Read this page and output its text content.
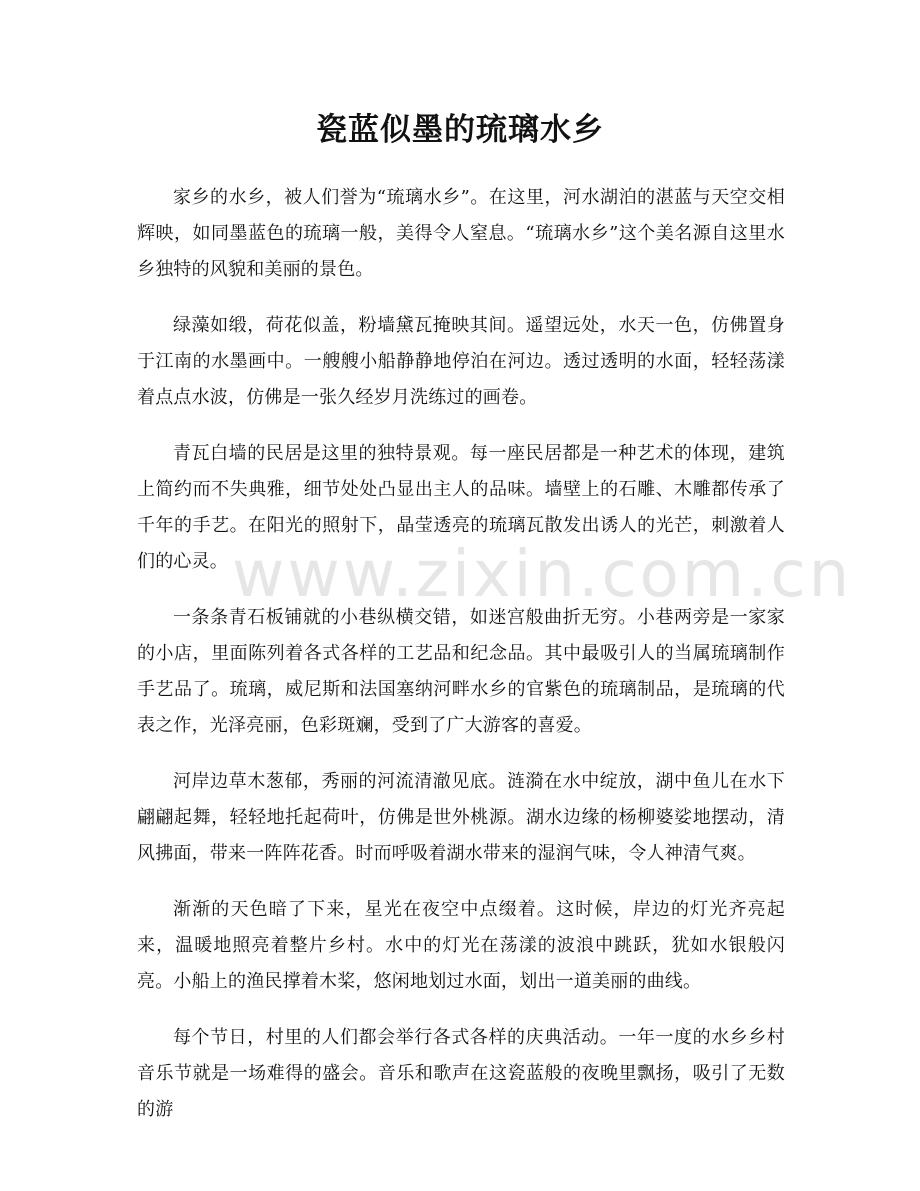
www.zixin.com.cn
瓷蓝似墨的琉璃水乡

家乡的水乡，被人们誉为“琉璃水乡”。在这里，河水湖泊的湛蓝与天空交相辉映，如同墨蓝色的琉璃一般，美得令人窒息。“琉璃水乡”这个美名源自这里水乡独特的风貌和美丽的景色。

绿藻如缎，荷花似盖，粉墙黛瓦掩映其间。遥望远处，水天一色，仿佛置身于江南的水墨画中。一艘艘小船静静地停泊在河边。透过透明的水面，轻轻荡漾着点点水波，仿佛是一张久经岁月洗练过的画卷。

青瓦白墙的民居是这里的独特景观。每一座民居都是一种艺术的体现，建筑上简约而不失典雅，细节处处凸显出主人的品味。墙壁上的石雕、木雕都传承了千年的手艺。在阳光的照射下，晶莹透亮的琉璃瓦散发出诱人的光芒，刺激着人们的心灵。

一条条青石板铺就的小巷纵横交错，如迷宫般曲折无穷。小巷两旁是一家家的小店，里面陈列着各式各样的工艺品和纪念品。其中最吸引人的当属琉璃制作手艺品了。琉璃，威尼斯和法国塞纳河畔水乡的官紫色的琉璃制品，是琉璃的代表之作，光泽亮丽，色彩斑斓，受到了广大游客的喜爱。

河岸边草木葱郁，秀丽的河流清澈见底。涟漪在水中绽放，湖中鱼儿在水下翩翩起舞，轻轻地托起荷叶，仿佛是世外桃源。湖水边缘的杨柳婆娑地摆动，清风拂面，带来一阵阵花香。时而呼吸着湖水带来的湿润气味，令人神清气爽。

渐渐的天色暗了下来，星光在夜空中点缀着。这时候，岸边的灯光齐亮起来，温暖地照亮着整片乡村。水中的灯光在荡漾的波浪中跳跃，犹如水银般闪亮。小船上的渔民撑着木桨，悠闲地划过水面，划出一道美丽的曲线。

每个节日，村里的人们都会举行各式各样的庆典活动。一年一度的水乡乡村音乐节就是一场难得的盛会。音乐和歌声在这瓷蓝般的夜晚里飘扬，吸引了无数的游
